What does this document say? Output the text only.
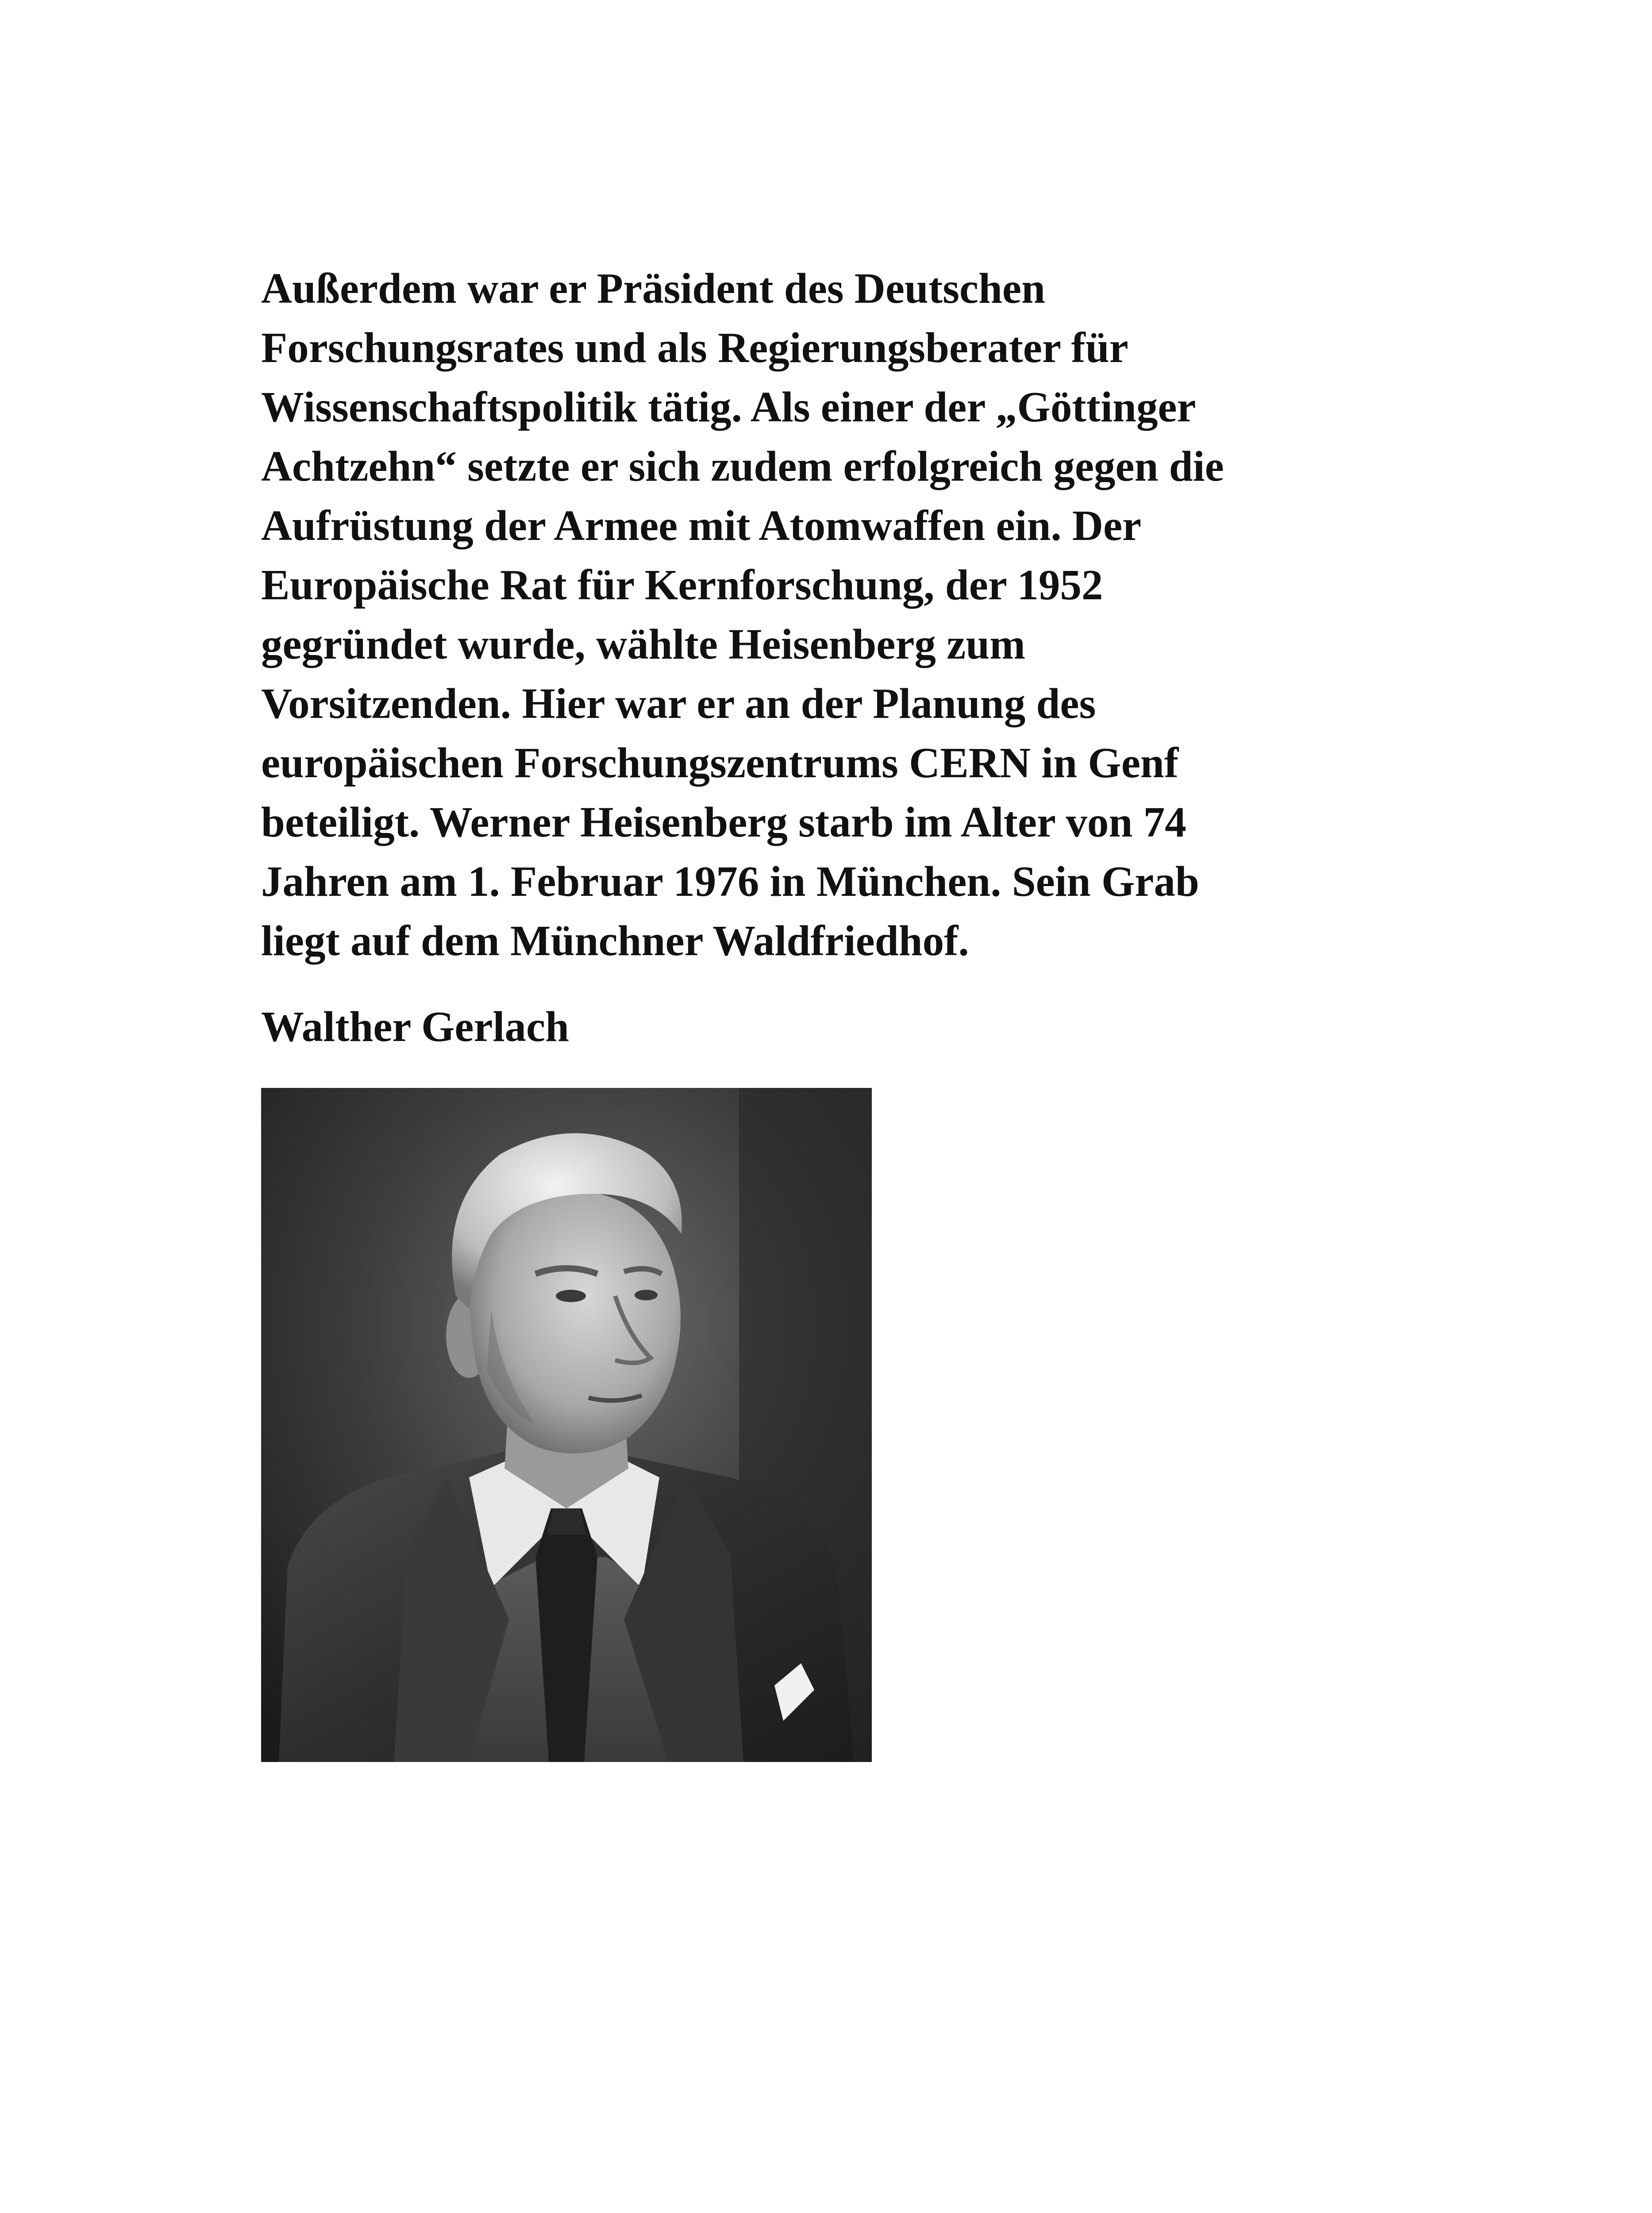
Außerdem war er Präsident des Deutschen
Forschungsrates und als Regierungsberater für
Wissenschaftspolitik tätig. Als einer der „Göttinger
Achtzehn“ setzte er sich zudem erfolgreich gegen die
Aufrüstung der Armee mit Atomwaffen ein. Der
Europäische Rat für Kernforschung, der 1952
gegründet wurde, wählte Heisenberg zum
Vorsitzenden. Hier war er an der Planung des
europäischen Forschungszentrums CERN in Genf
beteiligt. Werner Heisenberg starb im Alter von 74
Jahren am 1. Februar 1976 in München. Sein Grab
liegt auf dem Münchner Waldfriedhof.

Walther Gerlach
